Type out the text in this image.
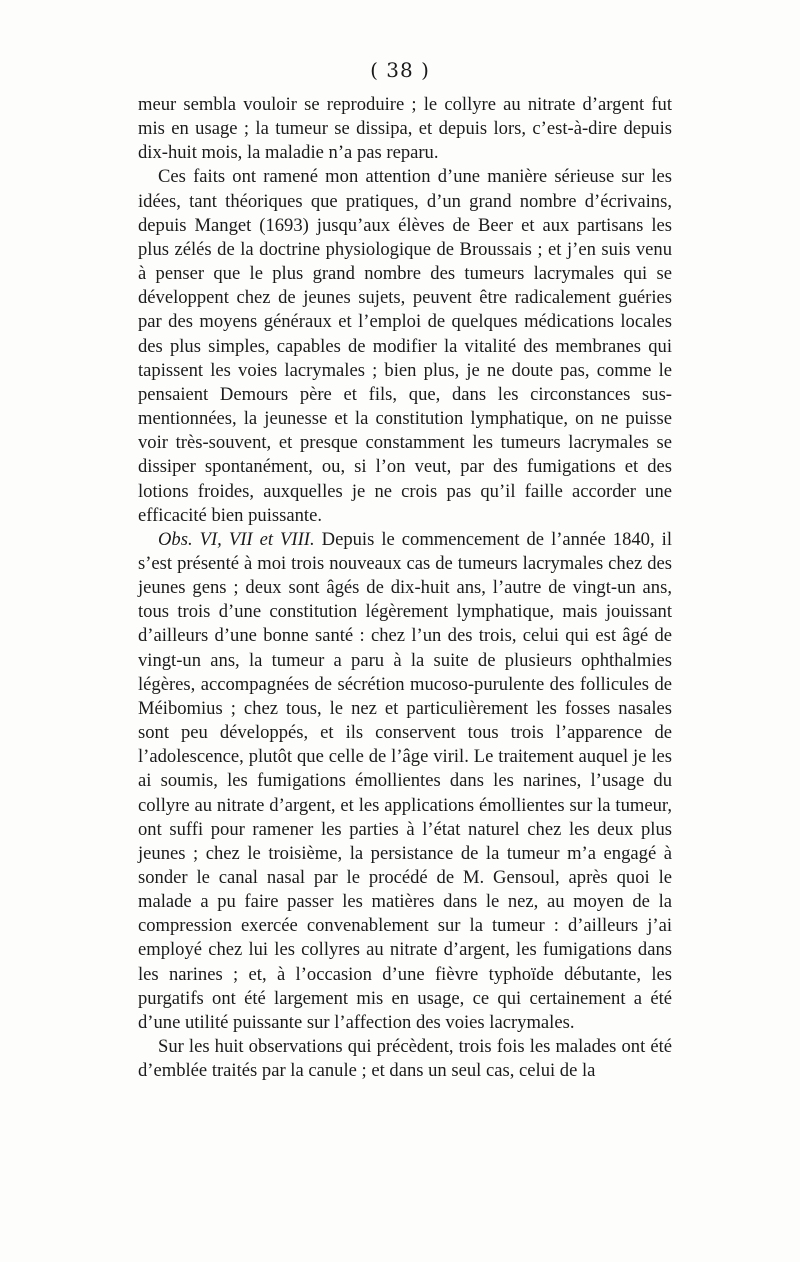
( 38 )

meur sembla vouloir se reproduire ; le collyre au nitrate d’argent fut mis en usage ; la tumeur se dissipa, et depuis lors, c’est-à-dire depuis dix-huit mois, la maladie n’a pas reparu.

Ces faits ont ramené mon attention d’une manière sérieuse sur les idées, tant théoriques que pratiques, d’un grand nombre d’écrivains, depuis Manget (1693) jusqu’aux élèves de Beer et aux partisans les plus zélés de la doctrine physiologique de Broussais ; et j’en suis venu à penser que le plus grand nombre des tumeurs lacrymales qui se développent chez de jeunes sujets, peuvent être radicalement guéries par des moyens généraux et l’emploi de quelques médications locales des plus simples, capables de modifier la vitalité des membranes qui tapissent les voies lacrymales ; bien plus, je ne doute pas, comme le pensaient Demours père et fils, que, dans les circonstances sus-mentionnées, la jeunesse et la constitution lymphatique, on ne puisse voir très-souvent, et presque constamment les tumeurs lacrymales se dissiper spontanément, ou, si l’on veut, par des fumigations et des lotions froides, auxquelles je ne crois pas qu’il faille accorder une efficacité bien puissante.

Obs. VI, VII et VIII. Depuis le commencement de l’année 1840, il s’est présenté à moi trois nouveaux cas de tumeurs lacrymales chez des jeunes gens ; deux sont âgés de dix-huit ans, l’autre de vingt-un ans, tous trois d’une constitution légèrement lymphatique, mais jouissant d’ailleurs d’une bonne santé : chez l’un des trois, celui qui est âgé de vingt-un ans, la tumeur a paru à la suite de plusieurs ophthalmies légères, accompagnées de sécrétion mucoso-purulente des follicules de Méibomius ; chez tous, le nez et particulièrement les fosses nasales sont peu développés, et ils conservent tous trois l’apparence de l’adolescence, plutôt que celle de l’âge viril. Le traitement auquel je les ai soumis, les fumigations émollientes dans les narines, l’usage du collyre au nitrate d’argent, et les applications émollientes sur la tumeur, ont suffi pour ramener les parties à l’état naturel chez les deux plus jeunes ; chez le troisième, la persistance de la tumeur m’a engagé à sonder le canal nasal par le procédé de M. Gensoul, après quoi le malade a pu faire passer les matières dans le nez, au moyen de la compression exercée convenablement sur la tumeur : d’ailleurs j’ai employé chez lui les collyres au nitrate d’argent, les fumigations dans les narines ; et, à l’occasion d’une fièvre typhoïde débutante, les purgatifs ont été largement mis en usage, ce qui certainement a été d’une utilité puissante sur l’affection des voies lacrymales.

Sur les huit observations qui précèdent, trois fois les malades ont été d’emblée traités par la canule ; et dans un seul cas, celui de la
